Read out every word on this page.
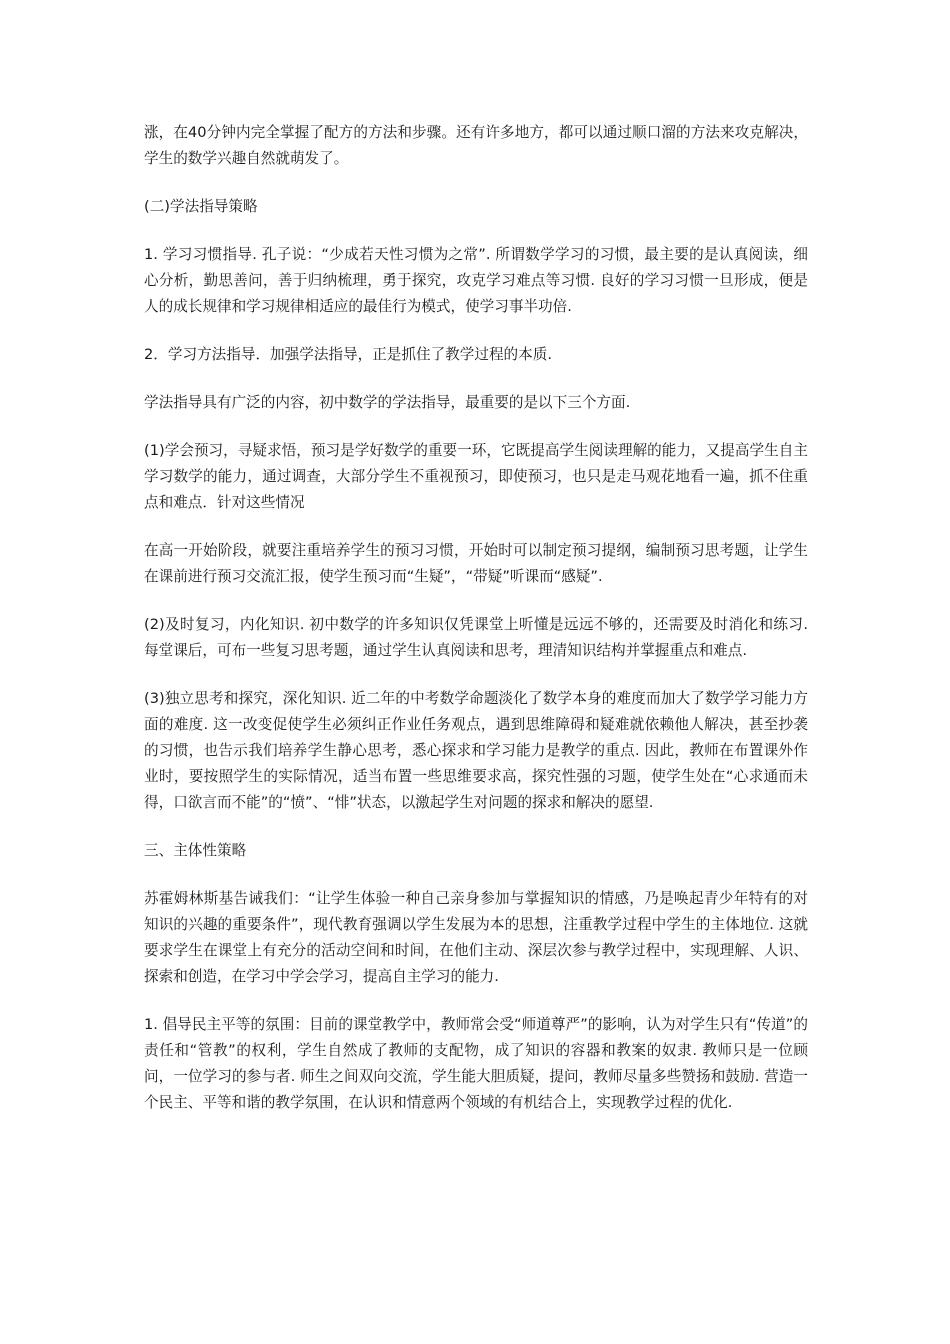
涨，在40分钟内完全掌握了配方的方法和步骤。还有许多地方，都可以通过顺口溜的方法来攻克解决，学生的数学兴趣自然就萌发了。

(二)学法指导策略

1. 学习习惯指导. 孔子说：“少成若天性习惯为之常”. 所谓数学学习的习惯，最主要的是认真阅读，细心分析，勤思善问，善于归纳梳理，勇于探究，攻克学习难点等习惯. 良好的学习习惯一旦形成，便是人的成长规律和学习规律相适应的最佳行为模式，使学习事半功倍.

2．学习方法指导．加强学法指导，正是抓住了教学过程的本质.

学法指导具有广泛的内容，初中数学的学法指导，最重要的是以下三个方面.

(1)学会预习，寻疑求悟，预习是学好数学的重要一环，它既提高学生阅读理解的能力，又提高学生自主学习数学的能力，通过调查，大部分学生不重视预习，即使预习，也只是走马观花地看一遍，抓不住重点和难点．针对这些情况

在高一开始阶段，就要注重培养学生的预习习惯，开始时可以制定预习提纲，编制预习思考题，让学生在课前进行预习交流汇报，使学生预习而“生疑”，“带疑”听课而“感疑”.

(2)及时复习，内化知识. 初中数学的许多知识仅凭课堂上听懂是远远不够的，还需要及时消化和练习. 每堂课后，可布一些复习思考题，通过学生认真阅读和思考，理清知识结构并掌握重点和难点.

(3)独立思考和探究，深化知识. 近二年的中考数学命题淡化了数学本身的难度而加大了数学学习能力方面的难度. 这一改变促使学生必须纠正作业任务观点，遇到思维障碍和疑难就依赖他人解决，甚至抄袭的习惯，也告示我们培养学生静心思考，悉心探求和学习能力是教学的重点. 因此，教师在布置课外作业时，要按照学生的实际情况，适当布置一些思维要求高，探究性强的习题，使学生处在“心求通而未得，口欲言而不能”的“愤”、“悱”状态，以激起学生对问题的探求和解决的愿望.

三、主体性策略

苏霍姆林斯基告诫我们：“让学生体验一种自己亲身参加与掌握知识的情感，乃是唤起青少年特有的对知识的兴趣的重要条件”，现代教育强调以学生发展为本的思想，注重教学过程中学生的主体地位. 这就要求学生在课堂上有充分的活动空间和时间，在他们主动、深层次参与教学过程中，实现理解、人识、探索和创造，在学习中学会学习，提高自主学习的能力.

1. 倡导民主平等的氛围：目前的课堂教学中，教师常会受“师道尊严”的影响，认为对学生只有“传道”的责任和“管教”的权利，学生自然成了教师的支配物，成了知识的容器和教案的奴隶. 教师只是一位顾问，一位学习的参与者. 师生之间双向交流，学生能大胆质疑，提问，教师尽量多些赞扬和鼓励. 营造一个民主、平等和谐的教学氛围，在认识和情意两个领域的有机结合上，实现教学过程的优化.
